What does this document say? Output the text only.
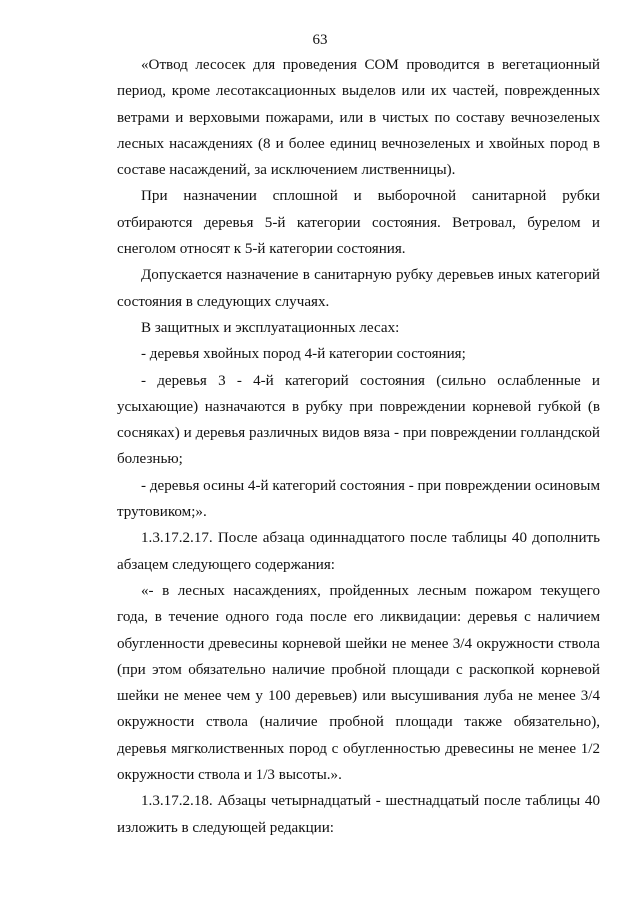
63

«Отвод лесосек для проведения СОМ проводится в вегетационный период, кроме лесотаксационных выделов или их частей, поврежденных ветрами и верховыми пожарами, или в чистых по составу вечнозеленых лесных насаждениях (8 и более единиц вечнозеленых и хвойных пород в составе насаждений, за исключением лиственницы).

При назначении сплошной и выборочной санитарной рубки отбираются деревья 5-й категории состояния. Ветровал, бурелом и снеголом относят к 5-й категории состояния.

Допускается назначение в санитарную рубку деревьев иных категорий состояния в следующих случаях.

В защитных и эксплуатационных лесах:

- деревья хвойных пород 4-й категории состояния;

- деревья 3 - 4-й категорий состояния (сильно ослабленные и усыхающие) назначаются в рубку при повреждении корневой губкой (в сосняках) и деревья различных видов вяза - при повреждении голландской болезнью;

- деревья осины 4-й категорий состояния - при повреждении осиновым трутовиком;».

1.3.17.2.17. После абзаца одиннадцатого после таблицы 40 дополнить абзацем следующего содержания:

«- в лесных насаждениях, пройденных лесным пожаром текущего года, в течение одного года после его ликвидации: деревья с наличием обугленности древесины корневой шейки не менее 3/4 окружности ствола (при этом обязательно наличие пробной площади с раскопкой корневой шейки не менее чем у 100 деревьев) или высушивания луба не менее 3/4 окружности ствола (наличие пробной площади также обязательно), деревья мягколиственных пород с обугленностью древесины не менее 1/2 окружности ствола и 1/3 высоты.».

1.3.17.2.18. Абзацы четырнадцатый - шестнадцатый после таблицы 40 изложить в следующей редакции:
